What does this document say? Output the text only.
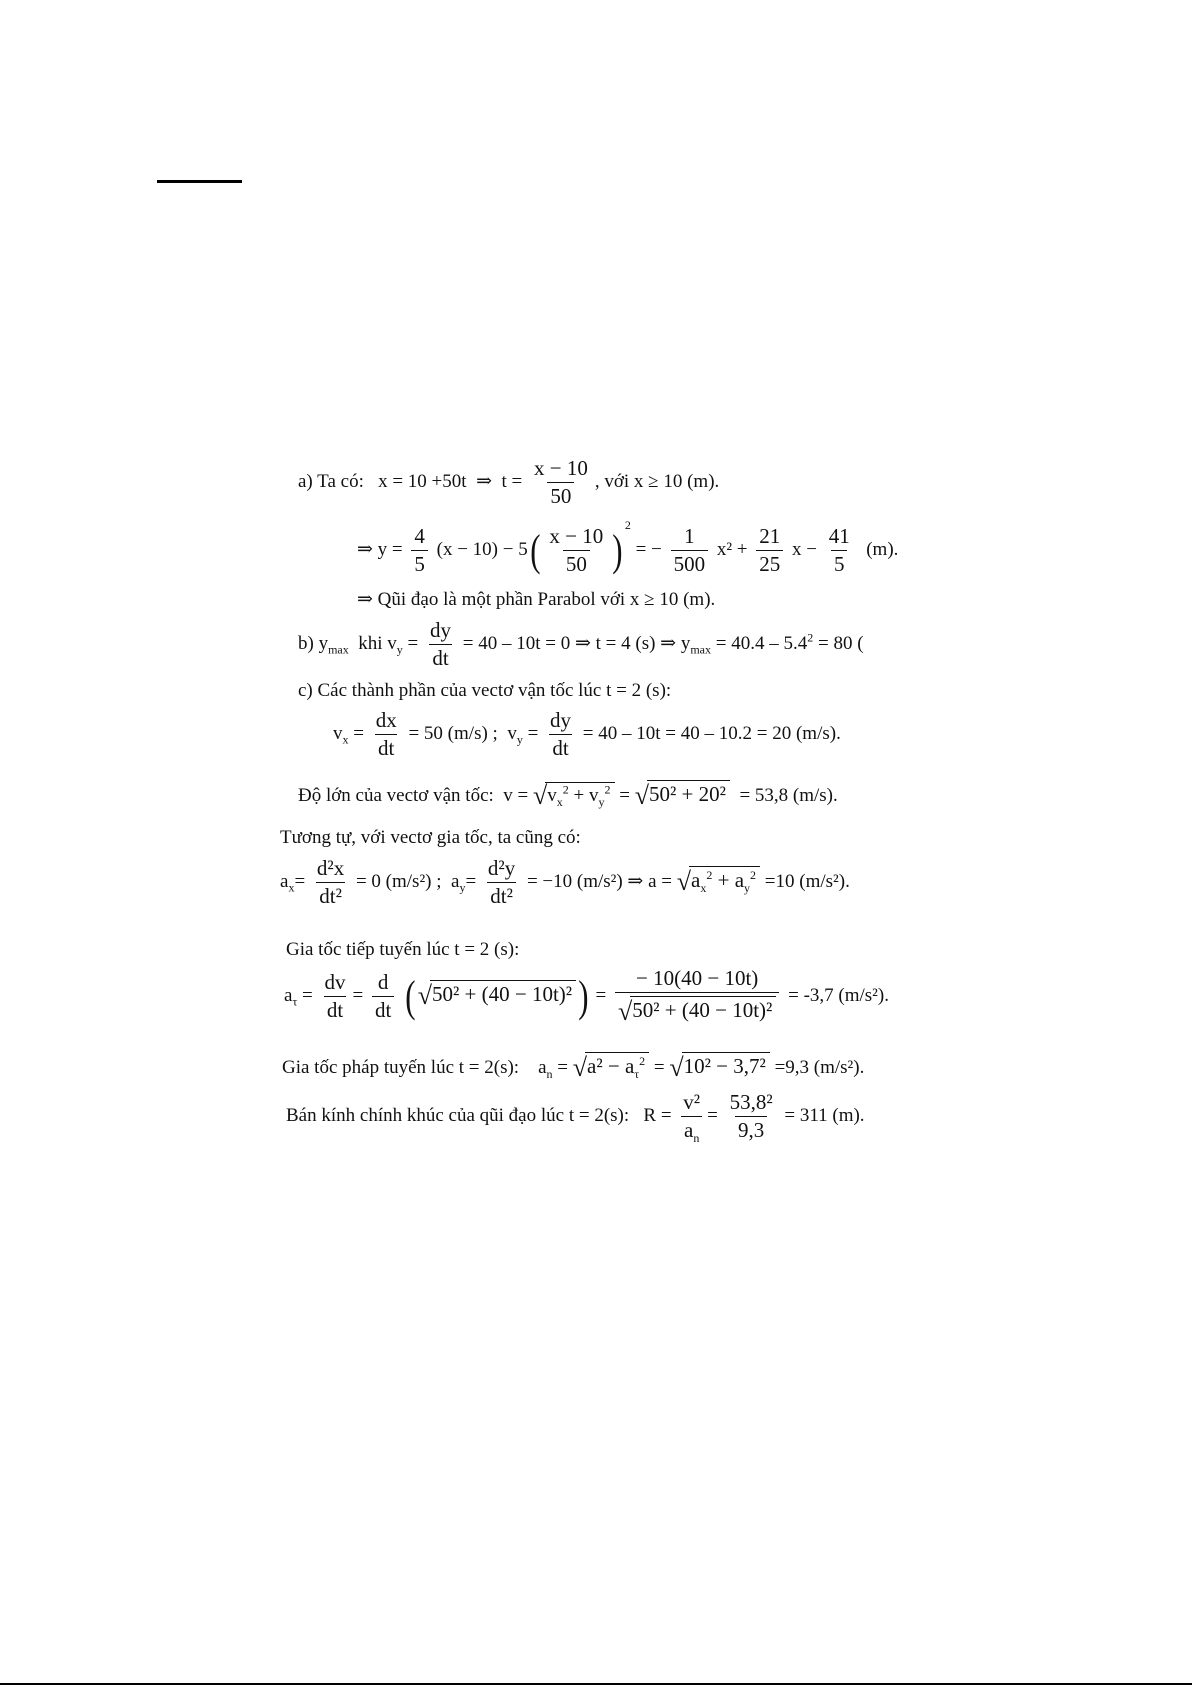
a) Ta có: x = 10 +50t ⇒ $t = \frac{x - 10}{50}$ , với x ≥ 10 (m).
⇒ $y = \frac{4}{5} (x - 10) - 5( \frac{x - 10}{50} )^2$ = − $\frac{1}{500} x^2 + \frac{21}{25}$ $x - \frac{41}{5} (m)$.
⇒ Qũi đạo là một phần Parabol với x ≥ 10 (m).
b) $y_{max}$ khi $v_y = \frac{dy}{dt} = 40 - 10t = 0$ ⇒ t = 4 (s) ⇒ $y_{max} = 40.4 - 5.4^2 = 80$ (
c) Các thành phần của vectơ vận tốc lúc t = 2 (s):
$v_x = \frac{dx}{dt} = 50$ (m/s) ; $v_y = \frac{dy}{dt} = 40 - 10t = 40 - 10.2 = 20$ (m/s).
Độ lớn của vectơ vận tốc: $v = √v_x^2 + v_y^2 = √50^2 + 20^2 = 53,8$ (m/s).
Tương tự, với vectơ gia tốc, ta cũng có:
$a_x= \frac{\text{d²x}}{\text{dt²}} = 0$ (m/s²) ; $a_y= \frac{\text{d²y}}{\text{dt²}} = -10$ (m/s²) ⇒ $a = √a_x^2 + a_y^2 =10$ (m/s²).
Gia tốc tiếp tuyến lúc t = 2 (s):
$a_\tau = \frac{dv}{dt} = \frac{d}{dt} (√50^2 + (40 - 10t)^2$ ) = $\frac{- 10(40 - 10t)}{\text{√50² + (40 − 10t)²}} = -3,7$ (m/s²).
Gia tốc pháp tuyến lúc t = 2(s): $a_n = √a^2 - a_\tau^2 = √10^2 - 3,7^2 =9,3$ (m/s²).
Bán kính chính khúc của qũi đạo lúc t = 2(s): $R = \frac{\text{v²}}{a_n} = \frac{\text{53,8²}}{9,3} = 311$ (m).
